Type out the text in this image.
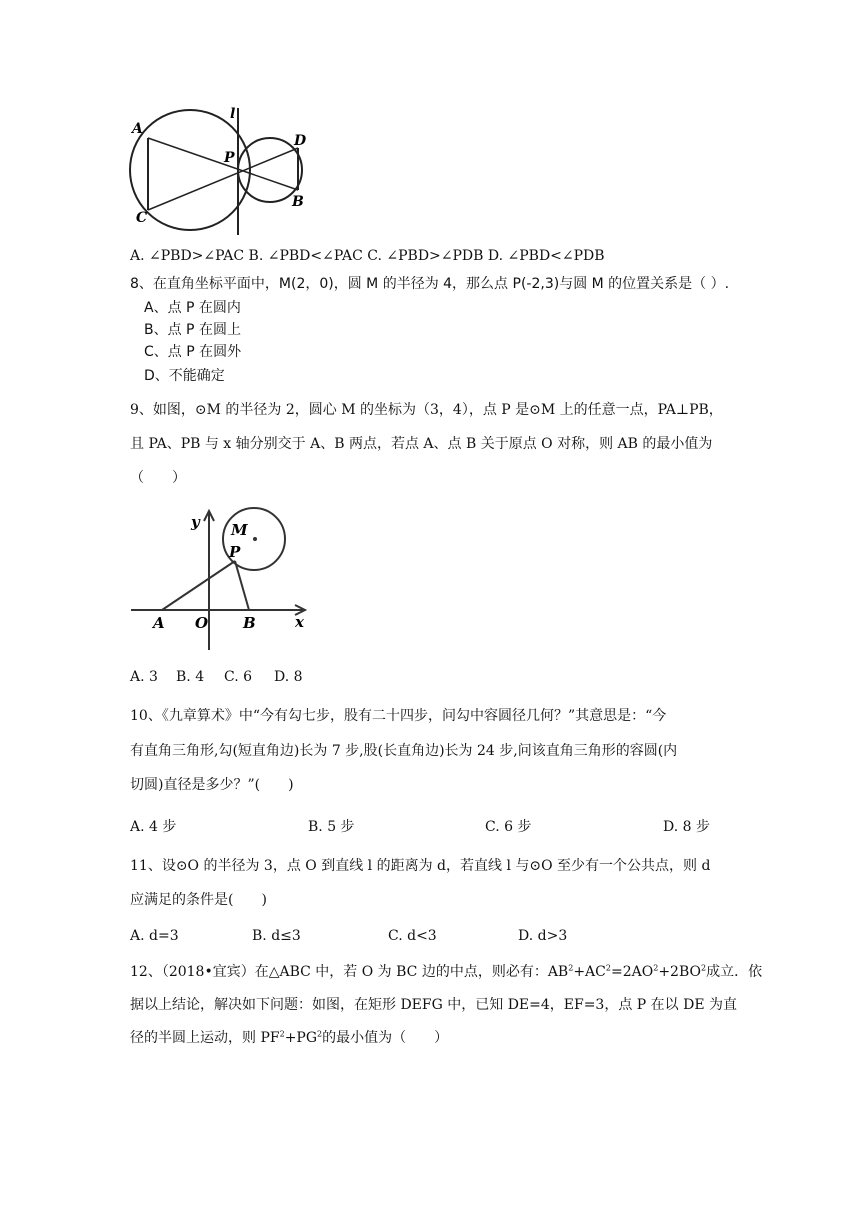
A
C
P
l
D
B
A. ∠PBD>∠PAC B. ∠PBD<∠PAC C. ∠PBD>∠PDB D. ∠PBD<∠PDB
8、在直角坐标平面中，M(2，0)，圆 M 的半径为 4，那么点 P(-2,3)与圆 M 的位置关系是（ ）.
A、点 P 在圆内
B、点 P 在圆上
C、点 P 在圆外
D、不能确定
9、如图，⊙M 的半径为 2，圆心 M 的坐标为（3，4），点 P 是⊙M 上的任意一点，PA⊥PB，
且 PA、PB 与 x 轴分别交于 A、B 两点，若点 A、点 B 关于原点 O 对称，则 AB 的最小值为
（　　）
y M
P
A O B	x
A. 3 B. 4 C. 6 D. 8
10、《九章算术》中“今有勾七步，股有二十四步，问勾中容圆径几何？”其意思是：“今
有直角三角形,勾(短直角边)长为 7 步,股(长直角边)长为 24 步,问该直角三角形的容圆(内
切圆)直径是多少？”(　　)
A. 4 步	B. 5 步	C. 6 步	D. 8 步
11、设⊙O 的半径为 3，点 O 到直线 l 的距离为 d，若直线 l 与⊙O 至少有一个公共点，则 d
应满足的条件是(　　)
A. d=3	B. d≤3	C. d<3	D. d>3
12、（2018•宜宾）在△ABC 中，若 O 为 BC 边的中点，则必有：$AB^2+AC^2=2AO^2+2BO^2$成立．依
据以上结论，解决如下问题：如图，在矩形 DEFG 中，已知 DE=4，EF=3，点 P 在以 DE 为直
径的半圆上运动，则 $PF^2+PG^2$的最小值为（　　）
